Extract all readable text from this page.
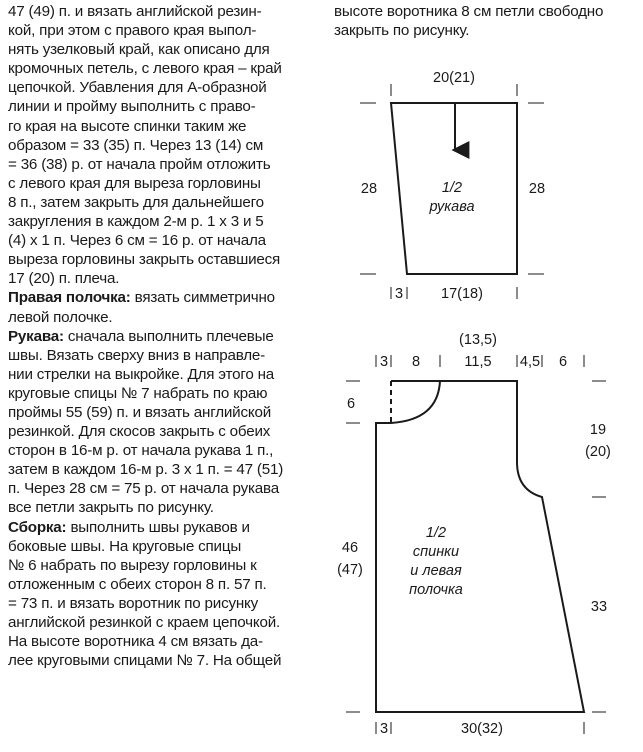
47 (49) п. и вязать английской резин-
кой, при этом с правого края выпол-
нять узелковый край, как описано для
кромочных петель, с левого края – край
цепочкой. Убавления для А-образной
линии и пройму выполнить с право-
го края на высоте спинки таким же
образом = 33 (35) п. Через 13 (14) см
= 36 (38) р. от начала пройм отложить
с левого края для выреза горловины
8 п., затем закрыть для дальнейшего
закругления в каждом 2-м р. 1 x 3 и 5
(4) x 1 п. Через 6 см = 16 р. от начала
выреза горловины закрыть оставшиеся
17 (20) п. плеча.

Правая полочка: вязать симметрично
левой полочке.

Рукава: сначала выполнить плечевые
швы. Вязать сверху вниз в направле-
нии стрелки на выкройке. Для этого на
круговые спицы № 7 набрать по краю
проймы 55 (59) п. и вязать английской
резинкой. Для скосов закрыть с обеих
сторон в 16-м р. от начала рукава 1 п.,
затем в каждом 16-м р. 3 x 1 п. = 47 (51)
п. Через 28 см = 75 р. от начала рукава
все петли закрыть по рисунку.

Сборка: выполнить швы рукавов и
боковые швы. На круговые спицы
№ 6 набрать по вырезу горловины к
отложенным с обеих сторон 8 п. 57 п.
= 73 п. и вязать воротник по рисунку
английской резинкой с краем цепочкой.
На высоте воротника 4 см вязать да-
лее круговыми спицами № 7. На общей

высоте воротника 8 см петли свободно
закрыть по рисунку.
20(21)
28	28
1/2
рукава
3	17(18)
(13,5)
3 8	11,5 4,5 6
6
19
(20)
46
(47)
33
1/2
спинки
и левая
полочка
3	30(32)
